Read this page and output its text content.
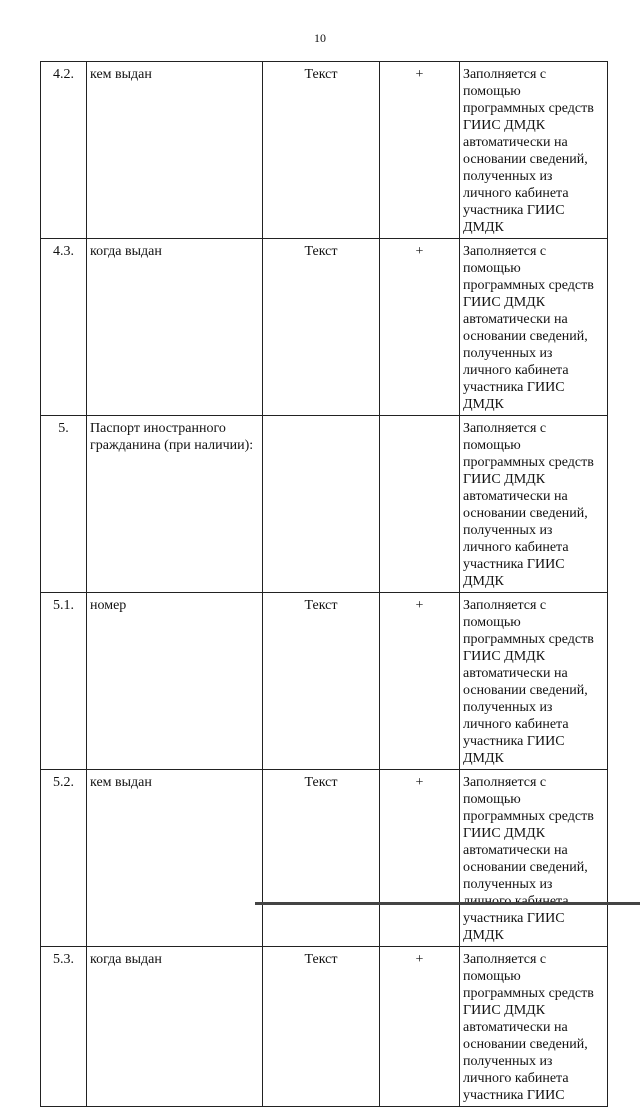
10
4.2.	кем выдан	Текст	+	Заполняется с помощью программных средств ГИИС ДМДК автоматически на основании сведений, полученных из личного кабинета участника ГИИС ДМДК
4.3.	когда выдан	Текст	+	Заполняется с помощью программных средств ГИИС ДМДК автоматически на основании сведений, полученных из личного кабинета участника ГИИС ДМДК
5.	Паспорт иностранного гражданина (при наличии):			Заполняется с помощью программных средств ГИИС ДМДК автоматически на основании сведений, полученных из личного кабинета участника ГИИС ДМДК
5.1.	номер	Текст	+	Заполняется с помощью программных средств ГИИС ДМДК автоматически на основании сведений, полученных из личного кабинета участника ГИИС ДМДК
5.2.	кем выдан	Текст	+	Заполняется с помощью программных средств ГИИС ДМДК автоматически на основании сведений, полученных из участника ГИИС ДМДК
5.3.	когда выдан	Текст	+	Заполняется с помощью программных средств ГИИС ДМДК автоматически на основании сведений, полученных из личного кабинета участника ГИИС
